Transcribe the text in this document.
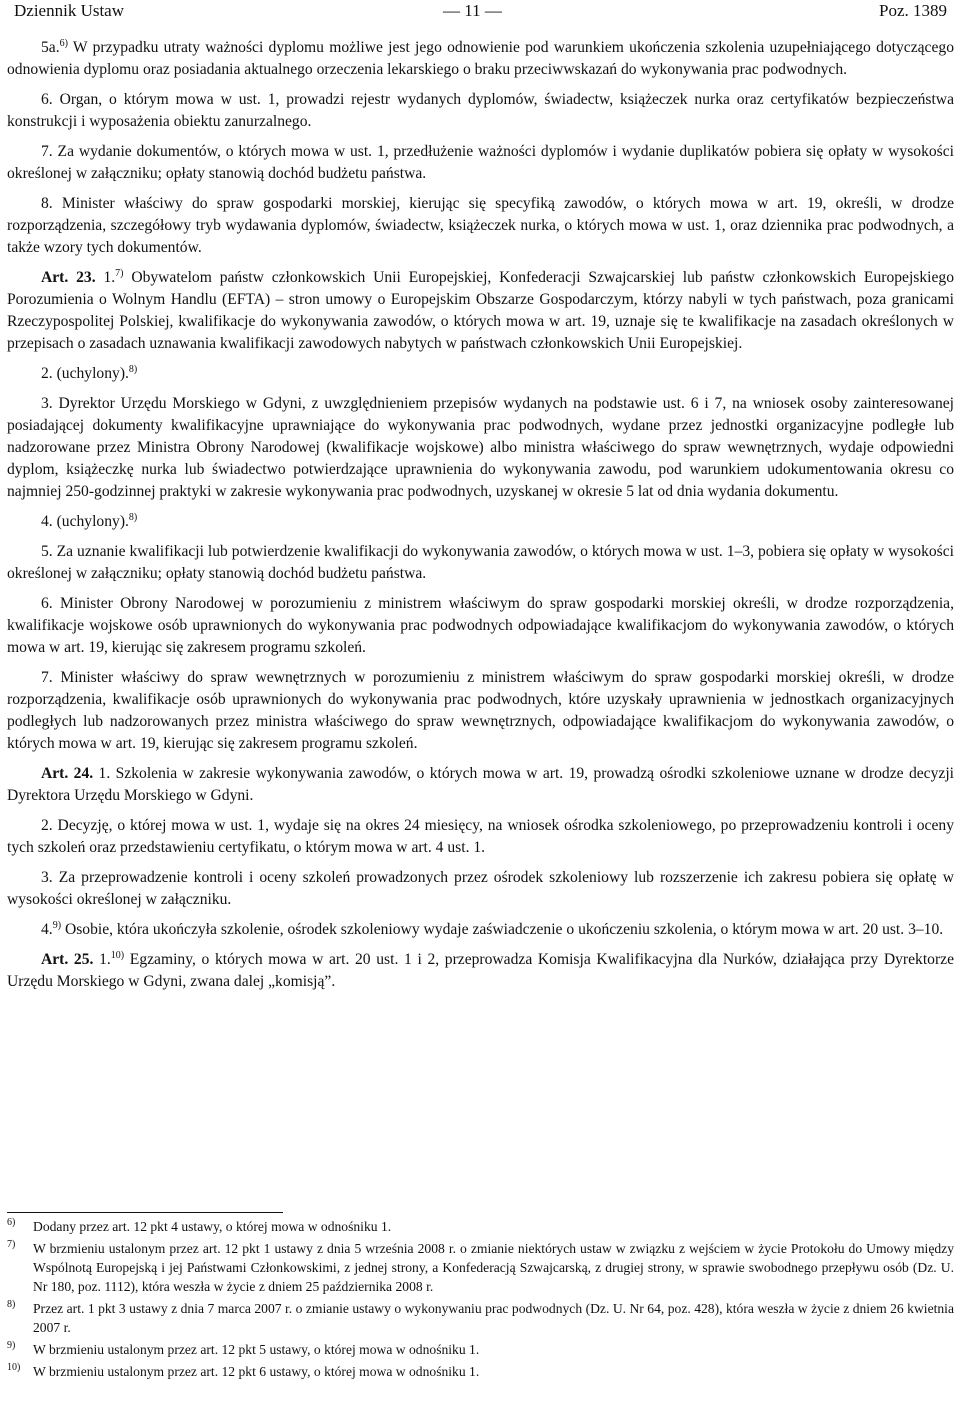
Dziennik Ustaw	— 11 —	Poz. 1389

5a.$^{6)}$ W przypadku utraty ważności dyplomu możliwe jest jego odnowienie pod warunkiem ukończenia szkolenia uzupełniającego dotyczącego odnowienia dyplomu oraz posiadania aktualnego orzeczenia lekarskiego o braku przeciwwskazań do wykonywania prac podwodnych.

6. Organ, o którym mowa w ust. 1, prowadzi rejestr wydanych dyplomów, świadectw, książeczek nurka oraz certyfikatów bezpieczeństwa konstrukcji i wyposażenia obiektu zanurzalnego.

7. Za wydanie dokumentów, o których mowa w ust. 1, przedłużenie ważności dyplomów i wydanie duplikatów pobiera się opłaty w wysokości określonej w załączniku; opłaty stanowią dochód budżetu państwa.

8. Minister właściwy do spraw gospodarki morskiej, kierując się specyfiką zawodów, o których mowa w art. 19, określi, w drodze rozporządzenia, szczegółowy tryb wydawania dyplomów, świadectw, książeczek nurka, o których mowa w ust. 1, oraz dziennika prac podwodnych, a także wzory tych dokumentów.

Art. 23. 1.$^{7)}$ Obywatelom państw członkowskich Unii Europejskiej, Konfederacji Szwajcarskiej lub państw członkowskich Europejskiego Porozumienia o Wolnym Handlu (EFTA) – stron umowy o Europejskim Obszarze Gospodarczym, którzy nabyli w tych państwach, poza granicami Rzeczypospolitej Polskiej, kwalifikacje do wykonywania zawodów, o których mowa w art. 19, uznaje się te kwalifikacje na zasadach określonych w przepisach o zasadach uznawania kwalifikacji zawodowych nabytych w państwach członkowskich Unii Europejskiej.

2. (uchylony).$^{8)}$

3. Dyrektor Urzędu Morskiego w Gdyni, z uwzględnieniem przepisów wydanych na podstawie ust. 6 i 7, na wniosek osoby zainteresowanej posiadającej dokumenty kwalifikacyjne uprawniające do wykonywania prac podwodnych, wydane przez jednostki organizacyjne podległe lub nadzorowane przez Ministra Obrony Narodowej (kwalifikacje wojskowe) albo ministra właściwego do spraw wewnętrznych, wydaje odpowiedni dyplom, książeczkę nurka lub świadectwo potwierdzające uprawnienia do wykonywania zawodu, pod warunkiem udokumentowania okresu co najmniej 250-godzinnej praktyki w zakresie wykonywania prac podwodnych, uzyskanej w okresie 5 lat od dnia wydania dokumentu.

4. (uchylony).$^{8)}$

5. Za uznanie kwalifikacji lub potwierdzenie kwalifikacji do wykonywania zawodów, o których mowa w ust. 1–3, pobiera się opłaty w wysokości określonej w załączniku; opłaty stanowią dochód budżetu państwa.

6. Minister Obrony Narodowej w porozumieniu z ministrem właściwym do spraw gospodarki morskiej określi, w drodze rozporządzenia, kwalifikacje wojskowe osób uprawnionych do wykonywania prac podwodnych odpowiadające kwalifikacjom do wykonywania zawodów, o których mowa w art. 19, kierując się zakresem programu szkoleń.

7. Minister właściwy do spraw wewnętrznych w porozumieniu z ministrem właściwym do spraw gospodarki morskiej określi, w drodze rozporządzenia, kwalifikacje osób uprawnionych do wykonywania prac podwodnych, które uzyskały uprawnienia w jednostkach organizacyjnych podległych lub nadzorowanych przez ministra właściwego do spraw wewnętrznych, odpowiadające kwalifikacjom do wykonywania zawodów, o których mowa w art. 19, kierując się zakresem programu szkoleń.

Art. 24. 1. Szkolenia w zakresie wykonywania zawodów, o których mowa w art. 19, prowadzą ośrodki szkoleniowe uznane w drodze decyzji Dyrektora Urzędu Morskiego w Gdyni.

2. Decyzję, o której mowa w ust. 1, wydaje się na okres 24 miesięcy, na wniosek ośrodka szkoleniowego, po przeprowadzeniu kontroli i oceny tych szkoleń oraz przedstawieniu certyfikatu, o którym mowa w art. 4 ust. 1.

3. Za przeprowadzenie kontroli i oceny szkoleń prowadzonych przez ośrodek szkoleniowy lub rozszerzenie ich zakresu pobiera się opłatę w wysokości określonej w załączniku.

4.$^{9)}$ Osobie, która ukończyła szkolenie, ośrodek szkoleniowy wydaje zaświadczenie o ukończeniu szkolenia, o którym mowa w art. 20 ust. 3–10.

Art. 25. 1.$^{10)}$ Egzaminy, o których mowa w art. 20 ust. 1 i 2, przeprowadza Komisja Kwalifikacyjna dla Nurków, działająca przy Dyrektorze Urzędu Morskiego w Gdyni, zwana dalej „komisją”.

6) Dodany przez art. 12 pkt 4 ustawy, o której mowa w odnośniku 1.
7) W brzmieniu ustalonym przez art. 12 pkt 1 ustawy z dnia 5 września 2008 r. o zmianie niektórych ustaw w związku z wejściem w życie Protokołu do Umowy między Wspólnotą Europejską i jej Państwami Członkowskimi, z jednej strony, a Konfederacją Szwajcarską, z drugiej strony, w sprawie swobodnego przepływu osób (Dz. U. Nr 180, poz. 1112), która weszła w życie z dniem 25 października 2008 r.
8) Przez art. 1 pkt 3 ustawy z dnia 7 marca 2007 r. o zmianie ustawy o wykonywaniu prac podwodnych (Dz. U. Nr 64, poz. 428), która weszła w życie z dniem 26 kwietnia 2007 r.
9) W brzmieniu ustalonym przez art. 12 pkt 5 ustawy, o której mowa w odnośniku 1.
10) W brzmieniu ustalonym przez art. 12 pkt 6 ustawy, o której mowa w odnośniku 1.
